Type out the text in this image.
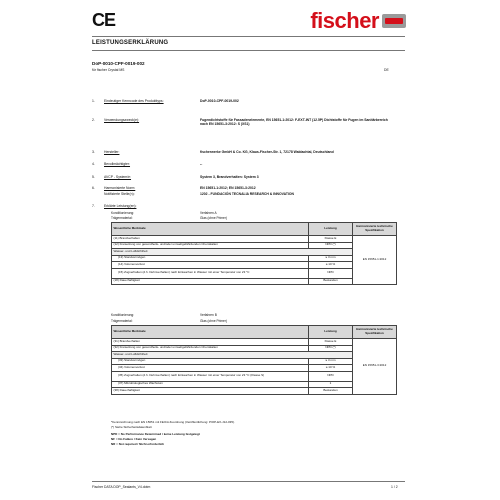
CE	fischer
LEISTUNGSERKLÄRUNG
DoP-0010-CPF-0019-002
für fischer Crystal MS	DE
1.	Eindeutiger Kenncode des Produkttyps:	DoP-0010-CPF-0019-002
2.	Verwendungszweck(e):	Fugendichtstoffe für Fassadenelemente, EN 15651-1:2012: F-EXT-INT (12.5P) Dichtstoffe für Fugen im Sanitärbereich nach EN 15651-3:2012: S (XS1)
3.	Hersteller:	fischerwerke GmbH & Co. KG, Klaus-Fischer-Str. 1, 72178 Waldachtal, Deutschland
4.	Bevollmächtigter:	--
5.	AVCP - System/e:	System 3, Brandverhalten: System 3
6.	Harmonisierte Norm:	EN 15651-1:2012; EN 15651-3:2012
Notifizierte Stelle(n):	1202 - FUNDACIÓN TECNALIA RESEARCH & INNOVATION
7.	Erklärte Leistung(en):
Konditionierung:	Verfahren A
Trägermaterial:	Glas (ohne Primer)
Wesentliche Merkmale	Leistung	Harmonisierte technische Spezifikation
(11) Brandverhalten	Klasse E	EN 15651-1:2012
(12) Freisetzung von gesundheits- und/oder umweltgefährdenden Chemikalien	NPD (*)	
Wasser- und Luftdichtheit		
(13) Standvermögen	≤ 3 mm	
(14) Volumenverlust	≤ 10 %	
(15) Zugverhalten (d.h. Dehnverhalten) nach Eintauchen in Wasser mit einer Temperatur von 23 °C	NPD	
(18) Dauerhaftigkeit	Bestanden	
Konditionierung:	Verfahren B
Trägermaterial:	Glas (ohne Primer)
Wesentliche Merkmale	Leistung	Harmonisierte technische Spezifikation
(31) Brandverhalten	Klasse E	EN 15651-3:2012
(32) Freisetzung von gesundheits- und/oder umweltgefährdenden Chemikalien	NPD (*)	
Wasser- und Luftdichtheit		
(33) Standvermögen	≤ 3 mm	
(34) Volumenverlust	≤ 10 %	
(35) Zugverhalten (d.h. Dehnverhalten) nach Eintauchen in Wasser mit einer Temperatur von 23 °C (Klasse S)	NPD	
(37) Mikrobiologisches Wachstum	1	
(38) Dauerhaftigkeit	Bestanden	
*Kennzeichnung nach EN 15651 mit FEICA Zuordnung (Veröffentlichung: PIOP-EX-J12-035).
(*) Siehe Sicherheitsdatenblatt
NPD = No Performance Determined / keine Leistung festgelegt
NF = No Failure / Kein Versagen
NR = Not required / Nicht erforderlich
Fischer DATA DOP_Sealants_V4.dotm	1 / 2
